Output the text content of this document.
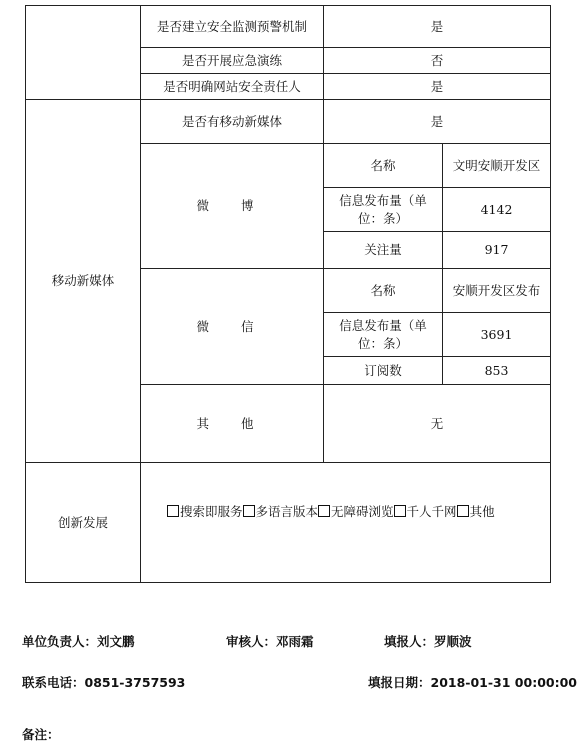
	是否建立安全监测预警机制	是	
	是否开展应急演练	否	
	是否明确网站安全责任人	是	
移动新媒体	是否有移动新媒体	是	
	微 博	名称	文明安顺开发区
		信息发布量（单位：条）	4142
		关注量	917
	微 信	名称	安顺开发区发布
		信息发布量（单位：条）	3691
		订阅数	853
	其 他	无	
创新发展	搜索即服务 多语言版本 无障碍浏览 千人千网 其他		
单位负责人：刘文鹏	审核人：邓雨霜	填报人：罗顺波
联系电话：0851-3757593	填报日期：2018-01-31 00:00:00
备注：
